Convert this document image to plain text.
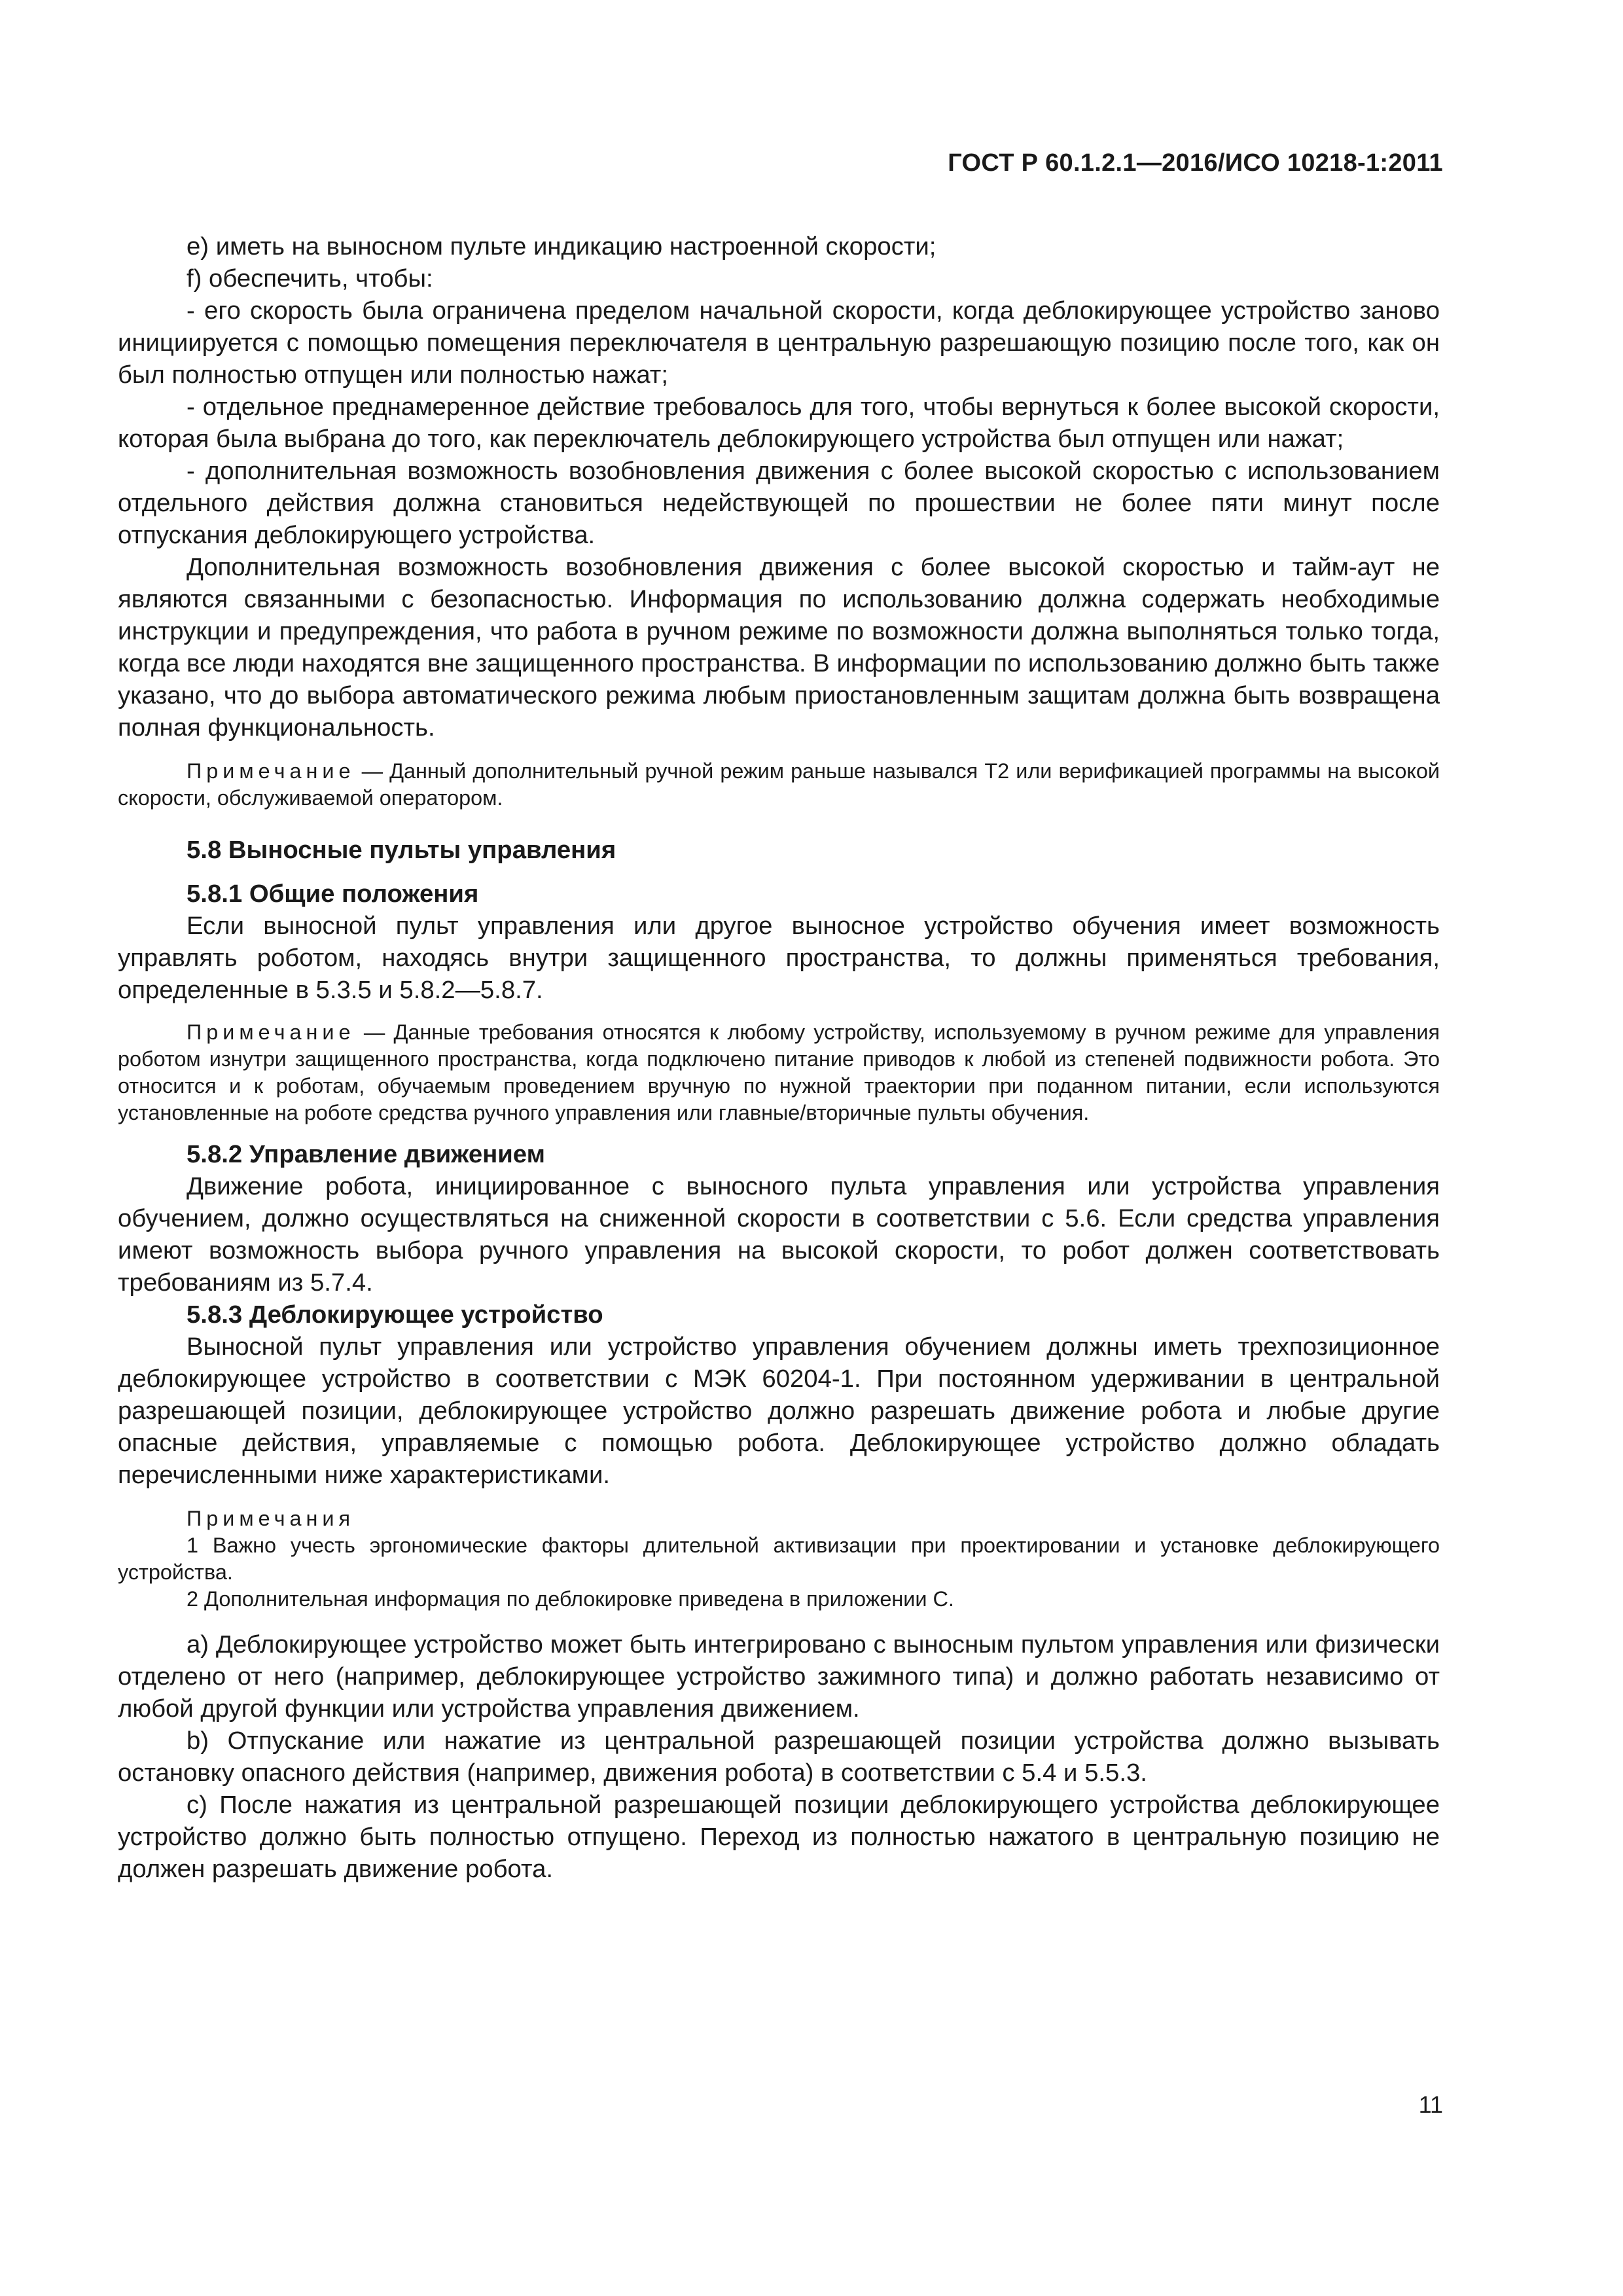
ГОСТ Р 60.1.2.1—2016/ИСО 10218-1:2011

е) иметь на выносном пульте индикацию настроенной скорости;

f) обеспечить, чтобы:

- его скорость была ограничена пределом начальной скорости, когда деблокирующее устройство заново инициируется с помощью помещения переключателя в центральную разрешающую позицию после того, как он был полностью отпущен или полностью нажат;

- отдельное преднамеренное действие требовалось для того, чтобы вернуться к более высокой скорости, которая была выбрана до того, как переключатель деблокирующего устройства был отпущен или нажат;

- дополнительная возможность возобновления движения с более высокой скоростью с использованием отдельного действия должна становиться недействующей по прошествии не более пяти минут после отпускания деблокирующего устройства.

Дополнительная возможность возобновления движения с более высокой скоростью и тайм-аут не являются связанными с безопасностью. Информация по использованию должна содержать необходимые инструкции и предупреждения, что работа в ручном режиме по возможности должна выполняться только тогда, когда все люди находятся вне защищенного пространства. В информации по использованию должно быть также указано, что до выбора автоматического режима любым приостановленным защитам должна быть возвращена полная функциональность.

Примечание — Данный дополнительный ручной режим раньше назывался Т2 или верификацией программы на высокой скорости, обслуживаемой оператором.

5.8 Выносные пульты управления
5.8.1 Общие положения

Если выносной пульт управления или другое выносное устройство обучения имеет возможность управлять роботом, находясь внутри защищенного пространства, то должны применяться требования, определенные в 5.3.5 и 5.8.2—5.8.7.

Примечание — Данные требования относятся к любому устройству, используемому в ручном режиме для управления роботом изнутри защищенного пространства, когда подключено питание приводов к любой из степеней подвижности робота. Это относится и к роботам, обучаемым проведением вручную по нужной траектории при поданном питании, если используются установленные на роботе средства ручного управления или главные/вторичные пульты обучения.

5.8.2 Управление движением

Движение робота, инициированное с выносного пульта управления или устройства управления обучением, должно осуществляться на сниженной скорости в соответствии с 5.6. Если средства управления имеют возможность выбора ручного управления на высокой скорости, то робот должен соответствовать требованиям из 5.7.4.

5.8.3 Деблокирующее устройство

Выносной пульт управления или устройство управления обучением должны иметь трехпозиционное деблокирующее устройство в соответствии с МЭК 60204-1. При постоянном удерживании в центральной разрешающей позиции, деблокирующее устройство должно разрешать движение робота и любые другие опасные действия, управляемые с помощью робота. Деблокирующее устройство должно обладать перечисленными ниже характеристиками.

Примечания

1 Важно учесть эргономические факторы длительной активизации при проектировании и установке деблокирующего устройства.

2 Дополнительная информация по деблокировке приведена в приложении С.

a) Деблокирующее устройство может быть интегрировано с выносным пультом управления или физически отделено от него (например, деблокирующее устройство зажимного типа) и должно работать независимо от любой другой функции или устройства управления движением.

b) Отпускание или нажатие из центральной разрешающей позиции устройства должно вызывать остановку опасного действия (например, движения робота) в соответствии с 5.4 и 5.5.3.

c) После нажатия из центральной разрешающей позиции деблокирующего устройства деблокирующее устройство должно быть полностью отпущено. Переход из полностью нажатого в центральную позицию не должен разрешать движение робота.

11
